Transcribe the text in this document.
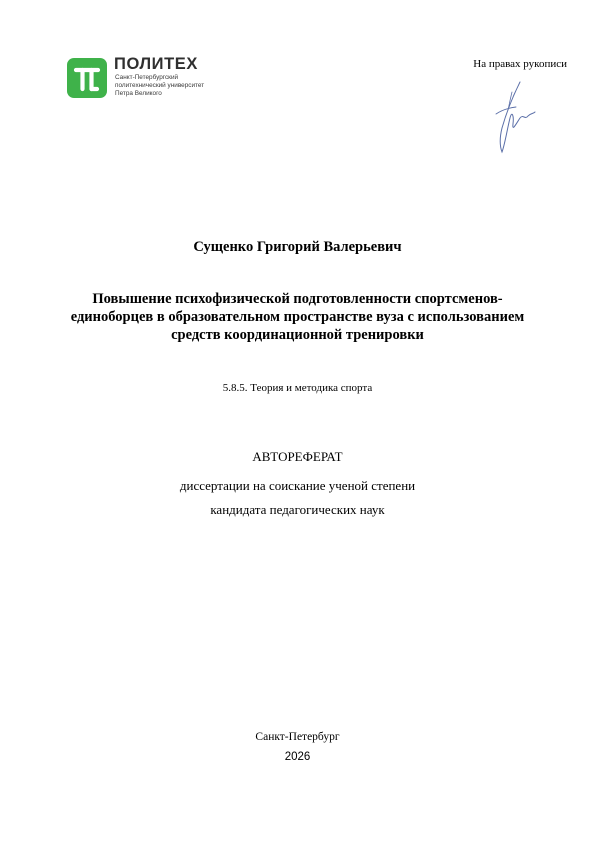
ПОЛИТЕХ
Санкт-Петербургский
политехнический университет
Петра Великого
На правах рукописи
Сущенко Григорий Валерьевич
Повышение психофизической подготовленности спортсменов-
единоборцев в образовательном пространстве вуза с использованием
средств координационной тренировки
5.8.5. Теория и методика спорта
АВТОРЕФЕРАТ
диссертации на соискание ученой степени
кандидата педагогических наук
Санкт-Петербург
2026
